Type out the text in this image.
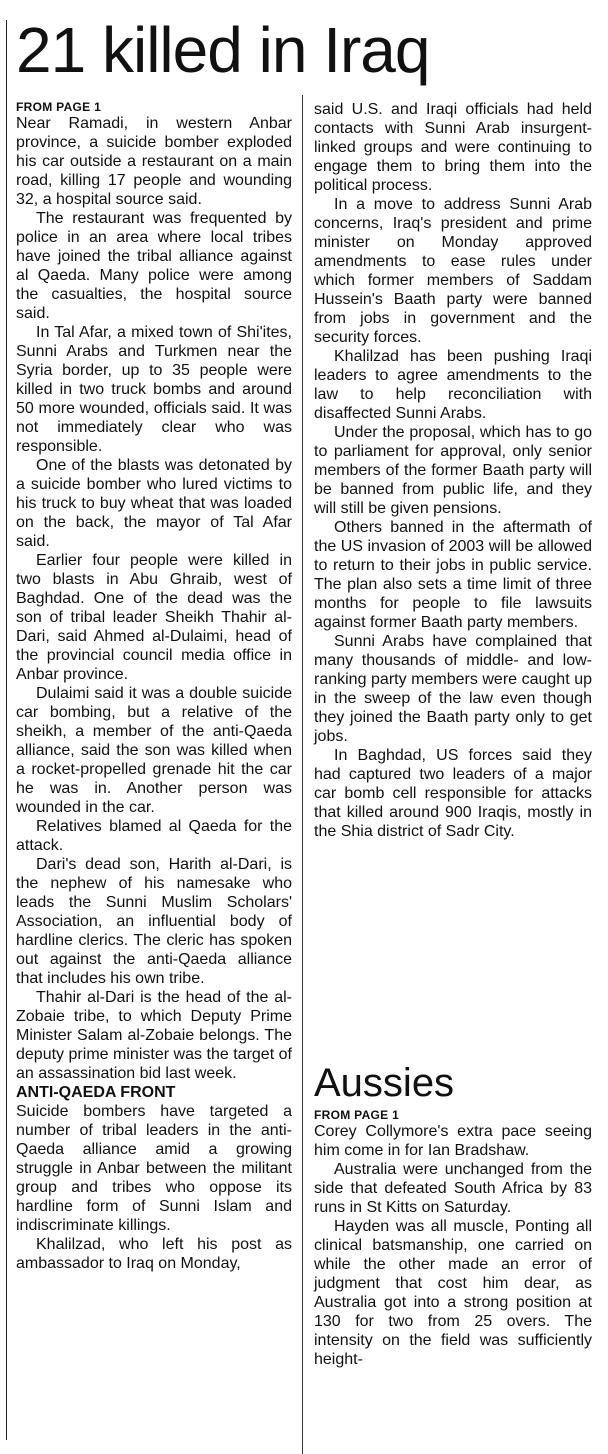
21 killed in Iraq

FROM PAGE 1

Near Ramadi, in western Anbar province, a suicide bomber exploded his car outside a restaurant on a main road, killing 17 people and wounding 32, a hospital source said.

The restaurant was frequented by police in an area where local tribes have joined the tribal alliance against al Qaeda. Many police were among the casualties, the hospital source said.

In Tal Afar, a mixed town of Shi'ites, Sunni Arabs and Turkmen near the Syria border, up to 35 people were killed in two truck bombs and around 50 more wounded, officials said. It was not immediately clear who was responsible.

One of the blasts was detonated by a suicide bomber who lured victims to his truck to buy wheat that was loaded on the back, the mayor of Tal Afar said.

Earlier four people were killed in two blasts in Abu Ghraib, west of Baghdad. One of the dead was the son of tribal leader Sheikh Thahir al-Dari, said Ahmed al-Dulaimi, head of the provincial council media office in Anbar province.

Dulaimi said it was a double suicide car bombing, but a relative of the sheikh, a member of the anti-Qaeda alliance, said the son was killed when a rocket-propelled grenade hit the car he was in. Another person was wounded in the car.

Relatives blamed al Qaeda for the attack.

Dari's dead son, Harith al-Dari, is the nephew of his namesake who leads the Sunni Muslim Scholars' Association, an influential body of hardline clerics. The cleric has spoken out against the anti-Qaeda alliance that includes his own tribe.

Thahir al-Dari is the head of the al-Zobaie tribe, to which Deputy Prime Minister Salam al-Zobaie belongs. The deputy prime minister was the target of an assassination bid last week.

ANTI-QAEDA FRONT

Suicide bombers have targeted a number of tribal leaders in the anti-Qaeda alliance amid a growing struggle in Anbar between the militant group and tribes who oppose its hardline form of Sunni Islam and indiscriminate killings.

Khalilzad, who left his post as ambassador to Iraq on Monday,

said U.S. and Iraqi officials had held contacts with Sunni Arab insurgent-linked groups and were continuing to engage them to bring them into the political process.

In a move to address Sunni Arab concerns, Iraq's president and prime minister on Monday approved amendments to ease rules under which former members of Saddam Hussein's Baath party were banned from jobs in government and the security forces.

Khalilzad has been pushing Iraqi leaders to agree amendments to the law to help reconciliation with disaffected Sunni Arabs.

Under the proposal, which has to go to parliament for approval, only senior members of the former Baath party will be banned from public life, and they will still be given pensions.

Others banned in the aftermath of the US invasion of 2003 will be allowed to return to their jobs in public service. The plan also sets a time limit of three months for people to file lawsuits against former Baath party members.

Sunni Arabs have complained that many thousands of middle- and low-ranking party members were caught up in the sweep of the law even though they joined the Baath party only to get jobs.

In Baghdad, US forces said they had captured two leaders of a major car bomb cell responsible for attacks that killed around 900 Iraqis, mostly in the Shia district of Sadr City.

Aussies

FROM PAGE 1

Corey Collymore's extra pace seeing him come in for Ian Bradshaw.

Australia were unchanged from the side that defeated South Africa by 83 runs in St Kitts on Saturday.

Hayden was all muscle, Ponting all clinical batsmanship, one carried on while the other made an error of judgment that cost him dear, as Australia got into a strong position at 130 for two from 25 overs. The intensity on the field was sufficiently height-
